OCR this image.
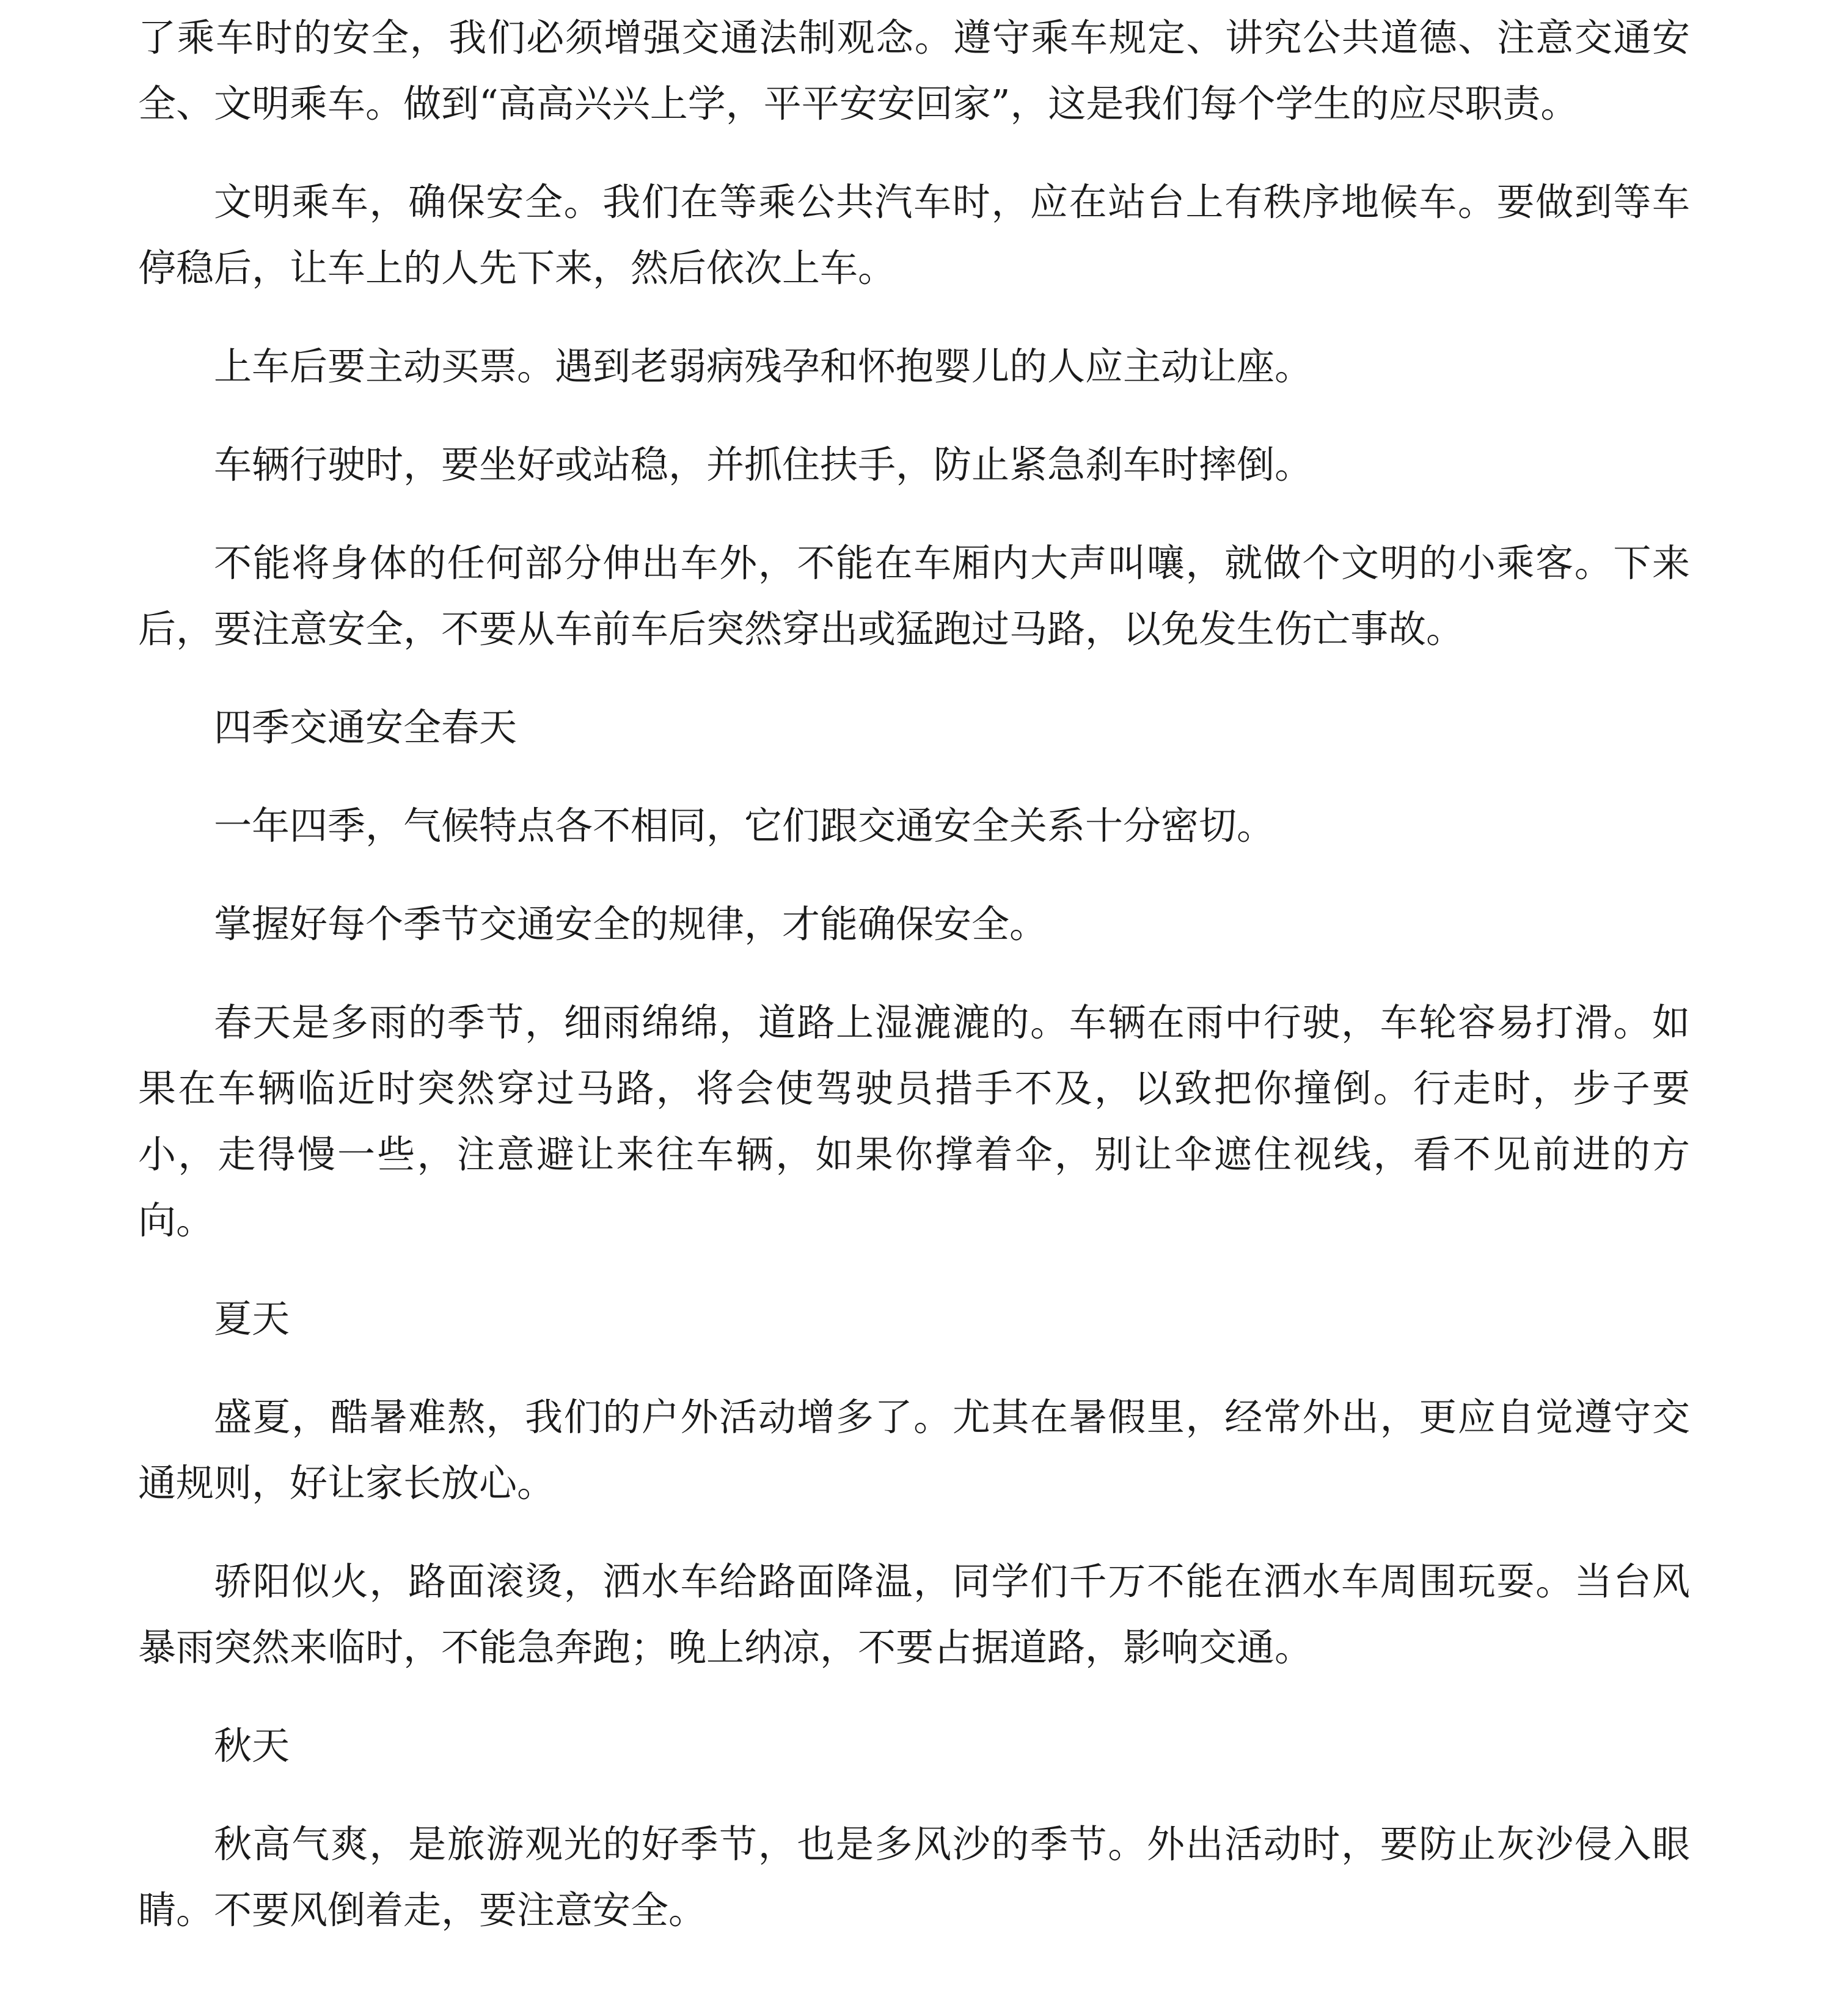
了乘车时的安全，我们必须增强交通法制观念。遵守乘车规定、讲究公共道德、注意交通安全、文明乘车。做到“高高兴兴上学，平平安安回家”，这是我们每个学生的应尽职责。

文明乘车，确保安全。我们在等乘公共汽车时，应在站台上有秩序地候车。要做到等车停稳后，让车上的人先下来，然后依次上车。

上车后要主动买票。遇到老弱病残孕和怀抱婴儿的人应主动让座。

车辆行驶时，要坐好或站稳，并抓住扶手，防止紧急刹车时摔倒。

不能将身体的任何部分伸出车外，不能在车厢内大声叫嚷，就做个文明的小乘客。下来后，要注意安全，不要从车前车后突然穿出或猛跑过马路，以免发生伤亡事故。

四季交通安全春天

一年四季，气候特点各不相同，它们跟交通安全关系十分密切。

掌握好每个季节交通安全的规律，才能确保安全。

春天是多雨的季节，细雨绵绵，道路上湿漉漉的。车辆在雨中行驶，车轮容易打滑。如果在车辆临近时突然穿过马路，将会使驾驶员措手不及，以致把你撞倒。行走时，步子要小，走得慢一些，注意避让来往车辆，如果你撑着伞，别让伞遮住视线，看不见前进的方向。

夏天

盛夏，酷暑难熬，我们的户外活动增多了。尤其在暑假里，经常外出，更应自觉遵守交通规则，好让家长放心。

骄阳似火，路面滚烫，洒水车给路面降温，同学们千万不能在洒水车周围玩耍。当台风暴雨突然来临时，不能急奔跑；晚上纳凉，不要占据道路，影响交通。

秋天

秋高气爽，是旅游观光的好季节，也是多风沙的季节。外出活动时，要防止灰沙侵入眼睛。不要风倒着走，要注意安全。
